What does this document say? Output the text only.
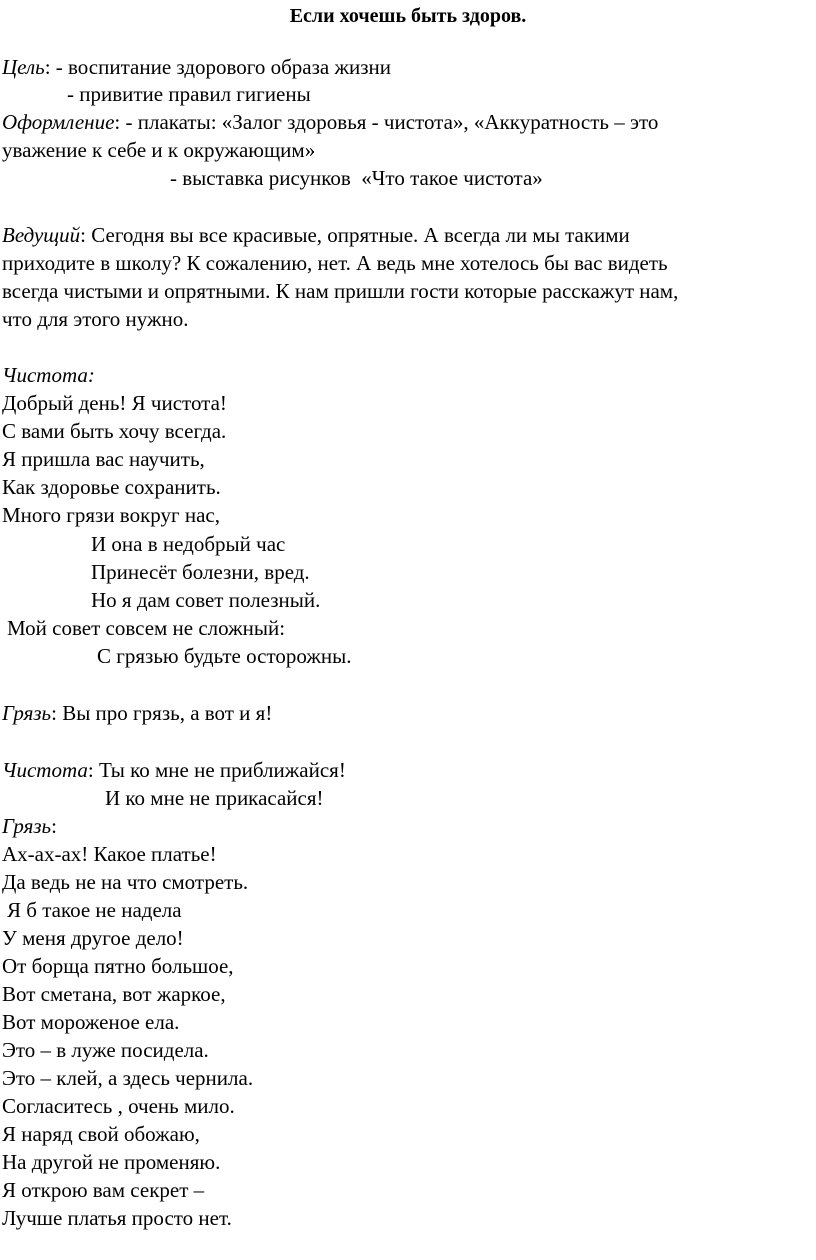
Если хочешь быть здоров.
Цель: - воспитание здорового образа жизни
- привитие правил гигиены
Оформление: - плакаты: «Залог здоровья - чистота», «Аккуратность – это
уважение к себе и к окружающим»
- выставка рисунков  «Что такое чистота»
Ведущий: Сегодня вы все красивые, опрятные. А всегда ли мы такими
приходите в школу? К сожалению, нет. А ведь мне хотелось бы вас видеть
всегда чистыми и опрятными. К нам пришли гости которые расскажут нам,
что для этого нужно.
Чистота:
Добрый день! Я чистота!
С вами быть хочу всегда.
Я пришла вас научить,
Как здоровье сохранить.
Много грязи вокруг нас,
И она в недобрый час
Принесёт болезни, вред.
Но я дам совет полезный.
Мой совет совсем не сложный:
С грязью будьте осторожны.
Грязь: Вы про грязь, а вот и я!
Чистота: Ты ко мне не приближайся!
И ко мне не прикасайся!
Грязь:
Ах-ах-ах! Какое платье!
Да ведь не на что смотреть.
Я б такое не надела
У меня другое дело!
От борща пятно большое,
Вот сметана, вот жаркое,
Вот мороженое ела.
Это – в луже посидела.
Это – клей, а здесь чернила.
Согласитесь , очень мило.
Я наряд свой обожаю,
На другой не променяю.
Я открою вам секрет –
Лучше платья просто нет.
